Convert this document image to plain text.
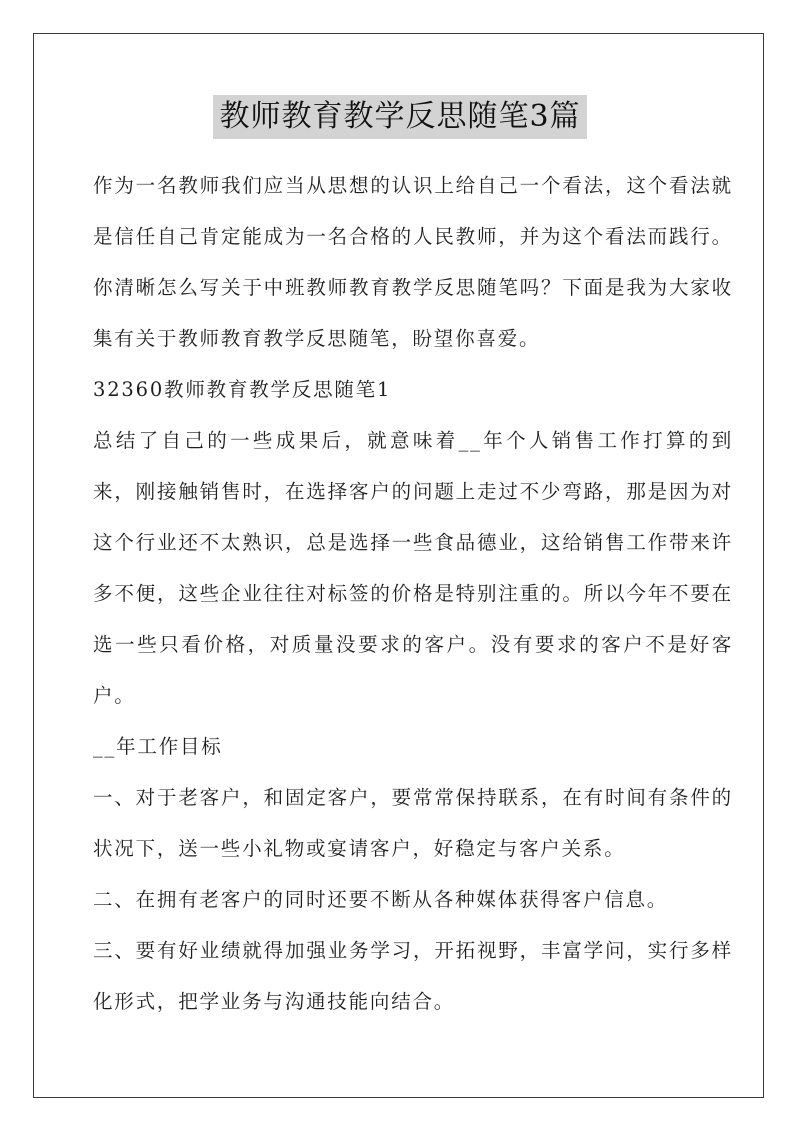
教师教育教学反思随笔3篇

作为一名教师我们应当从思想的认识上给自己一个看法，这个看法就是信任自己肯定能成为一名合格的人民教师，并为这个看法而践行。你清晰怎么写关于中班教师教育教学反思随笔吗？下面是我为大家收集有关于教师教育教学反思随笔，盼望你喜爱。

32360教师教育教学反思随笔1

总结了自己的一些成果后，就意味着__年个人销售工作打算的到来，刚接触销售时，在选择客户的问题上走过不少弯路，那是因为对这个行业还不太熟识，总是选择一些食品德业，这给销售工作带来许多不便，这些企业往往对标签的价格是特别注重的。所以今年不要在选一些只看价格，对质量没要求的客户。没有要求的客户不是好客户。

__年工作目标

一、对于老客户，和固定客户，要常常保持联系，在有时间有条件的状况下，送一些小礼物或宴请客户，好稳定与客户关系。

二、在拥有老客户的同时还要不断从各种媒体获得客户信息。

三、要有好业绩就得加强业务学习，开拓视野，丰富学问，实行多样化形式，把学业务与沟通技能向结合。
